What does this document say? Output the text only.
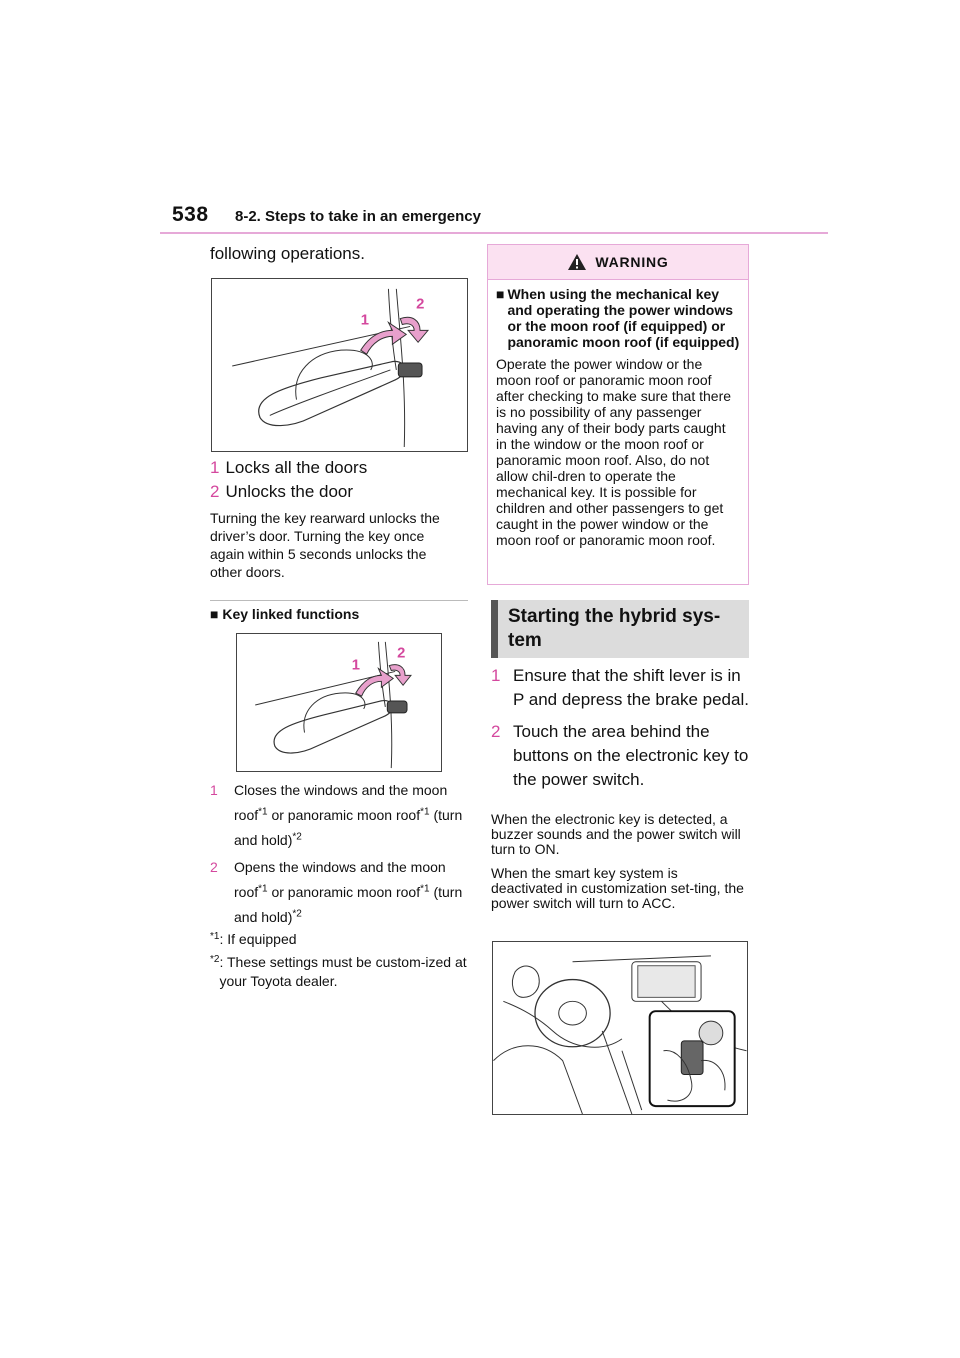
538 8-2. Steps to take in an emergency
following operations.
1
2
1 Locks all the doors
2 Unlocks the door
Turning the key rearward unlocks the driver’s door. Turning the key once again within 5 seconds unlocks the other doors.
■ Key linked functions
1
2
1	Closes the windows and the moon roof$^{*1}$ or panoramic moon roof$^{*1}$ (turn and hold)$^{*2}$
2	Opens the windows and the moon roof$^{*1}$ or panoramic moon roof$^{*1}$ (turn and hold)$^{*2}$
*1 : If equipped
*2 : These settings must be custom-ized at your Toyota dealer.
WARNING
■ When using the mechanical key and operating the power windows or the moon roof (if equipped) or panoramic moon roof (if equipped)
Operate the power window or the moon roof or panoramic moon roof after checking to make sure that there is no possibility of any passenger having any of their body parts caught in the window or the moon roof or panoramic moon roof. Also, do not allow chil-dren to operate the mechanical key. It is possible for children and other passengers to get caught in the power window or the moon roof or panoramic moon roof.
Starting the hybrid sys-tem
1 Ensure that the shift lever is in P and depress the brake pedal.
2 Touch the area behind the buttons on the electronic key to the power switch.
When the electronic key is detected, a buzzer sounds and the power switch will turn to ON.
When the smart key system is deactivated in customization set-ting, the power switch will turn to ACC.
